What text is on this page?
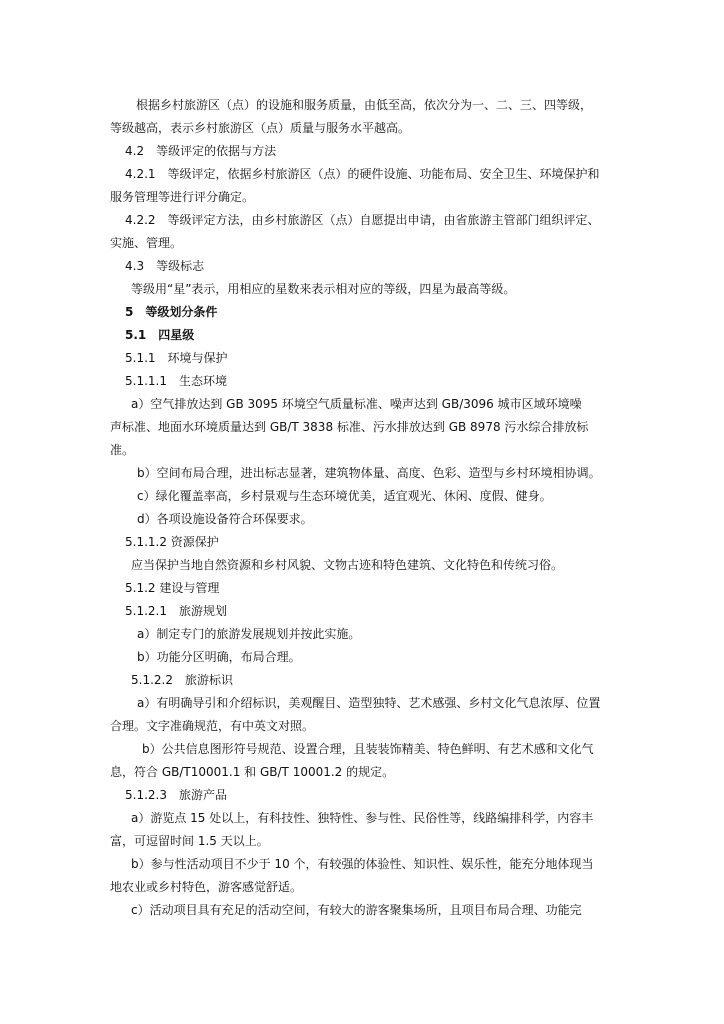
根据乡村旅游区（点）的设施和服务质量，由低至高，依次分为一、二、三、四等级，

等级越高，表示乡村旅游区（点）质量与服务水平越高。

4.2　等级评定的依据与方法

4.2.1　等级评定，依据乡村旅游区（点）的硬件设施、功能布局、安全卫生、环境保护和

服务管理等进行评分确定。

4.2.2　等级评定方法，由乡村旅游区（点）自愿提出申请，由省旅游主管部门组织评定、

实施、管理。

4.3　等级标志

等级用“星”表示，用相应的星数来表示相对应的等级，四星为最高等级。

5　等级划分条件

5.1　四星级

5.1.1　环境与保护

5.1.1.1　生态环境

a）空气排放达到 GB 3095 环境空气质量标准、噪声达到 GB/3096 城市区域环境噪

声标准、地面水环境质量达到 GB/T 3838 标准、污水排放达到 GB 8978 污水综合排放标

准。

b）空间布局合理，进出标志显著，建筑物体量、高度、色彩、造型与乡村环境相协调。

c）绿化覆盖率高，乡村景观与生态环境优美，适宜观光、休闲、度假、健身。

d）各项设施设备符合环保要求。

5.1.1.2 资源保护

应当保护当地自然资源和乡村风貌、文物古迹和特色建筑、文化特色和传统习俗。

5.1.2 建设与管理

5.1.2.1　旅游规划

a）制定专门的旅游发展规划并按此实施。

b）功能分区明确，布局合理。

5.1.2.2　旅游标识

a）有明确导引和介绍标识，美观醒目、造型独特、艺术感强、乡村文化气息浓厚、位置

合理。文字准确规范，有中英文对照。

b）公共信息图形符号规范、设置合理，且装装饰精美、特色鲜明、有艺术感和文化气

息，符合 GB/T10001.1 和 GB/T 10001.2 的规定。

5.1.2.3　旅游产品

a）游览点 15 处以上，有科技性、独特性、参与性、民俗性等，线路编排科学，内容丰

富，可逗留时间 1.5 天以上。

b）参与性活动项目不少于 10 个，有较强的体验性、知识性、娱乐性，能充分地体现当

地农业或乡村特色，游客感觉舒适。

c）活动项目具有充足的活动空间，有较大的游客聚集场所，且项目布局合理、功能完
